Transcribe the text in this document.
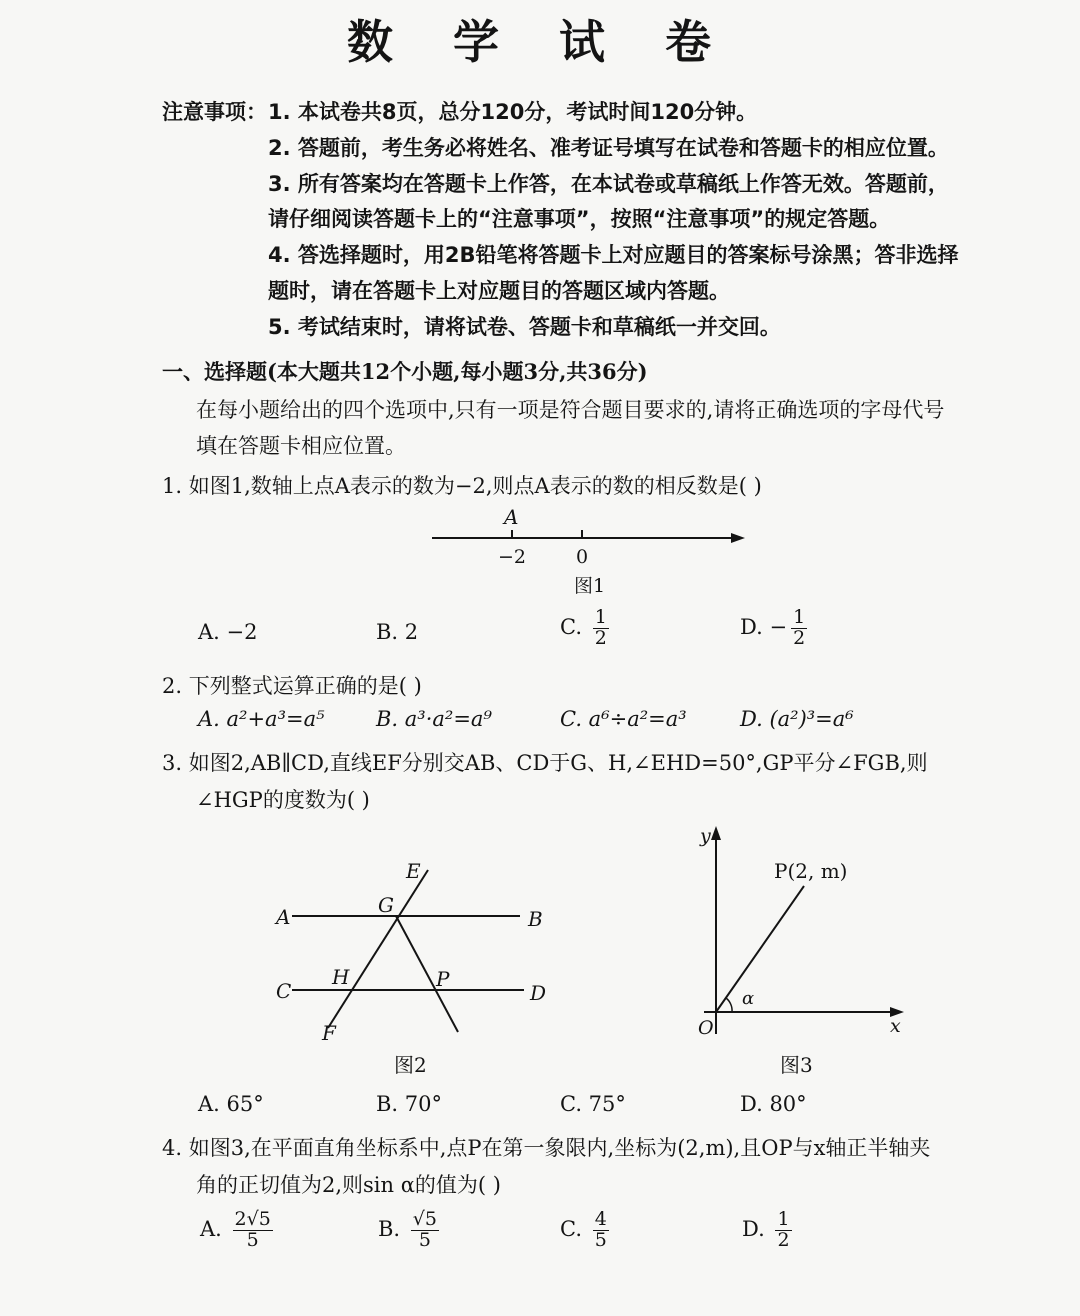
数 学 试 卷
注意事项： 1. 本试卷共8页，总分120分，考试时间120分钟。
2. 答题前，考生务必将姓名、准考证号填写在试卷和答题卡的相应位置。
3. 所有答案均在答题卡上作答，在本试卷或草稿纸上作答无效。答题前，
请仔细阅读答题卡上的“注意事项”，按照“注意事项”的规定答题。
4. 答选择题时，用2B铅笔将答题卡上对应题目的答案标号涂黑；答非选择
题时，请在答题卡上对应题目的答题区域内答题。
5. 考试结束时，请将试卷、答题卡和草稿纸一并交回。
一、选择题(本大题共12个小题,每小题3分,共36分)
在每小题给出的四个选项中,只有一项是符合题目要求的,请将正确选项的字母代号
填在答题卡相应位置。
1. 如图1,数轴上点A表示的数为−2,则点A表示的数的相反数是( )
A
−2	0
图1
A. −2	B. 2	C. $\frac{1}{2}$	D. − $\frac{1}{2}$
2. 下列整式运算正确的是( )
A. a²+a³=a⁵ B. a³·a²=a⁹	C. a⁶÷a²=a³	D. (a²)³=a⁶
3. 如图2,AB∥CD,直线EF分别交AB、CD于G、H,∠EHD=50°,GP平分∠FGB,则
∠HGP的度数为( )
A	B
C	D
E
F
G
H	P
图2
y
x
O
P(2, m)
α
图3
A. 65°	B. 70°	C. 75°	D. 80°
4. 如图3,在平面直角坐标系中,点P在第一象限内,坐标为(2,m),且OP与x轴正半轴夹
角的正切值为2,则sin α的值为( )
A. $\frac{2√5}{5}$	B. $\frac{√5}{5}$	C. $\frac{4}{5}$	D. $\frac{1}{2}$
